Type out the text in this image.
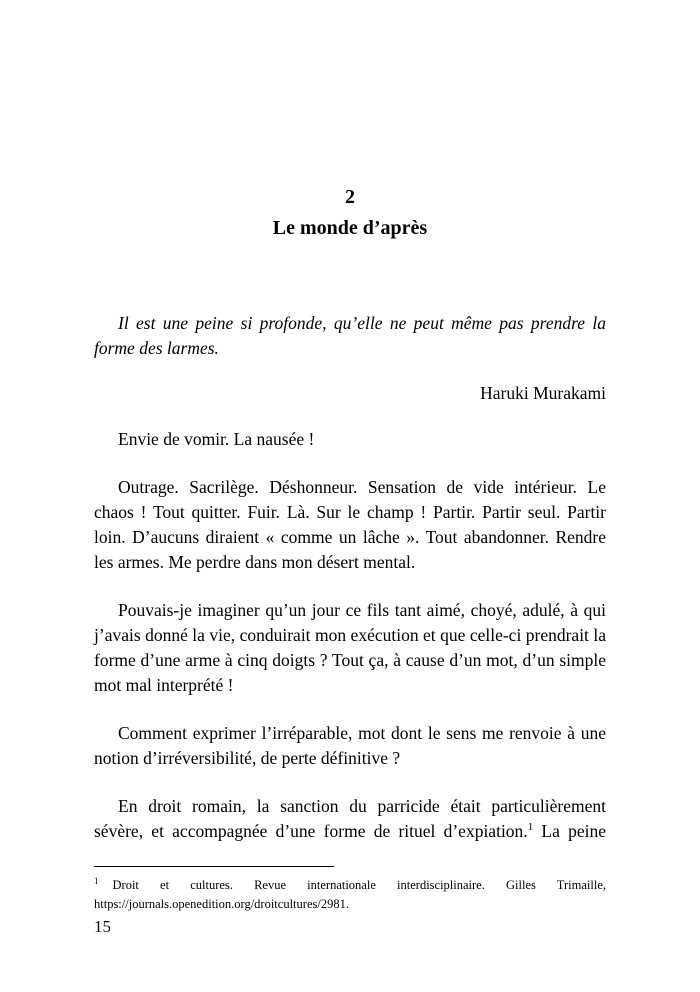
2
Le monde d’après

Il est une peine si profonde, qu’elle ne peut même pas prendre la forme des larmes.

Haruki Murakami

Envie de vomir. La nausée !

Outrage. Sacrilège. Déshonneur. Sensation de vide intérieur. Le chaos ! Tout quitter. Fuir. Là. Sur le champ ! Partir. Partir seul. Partir loin. D’aucuns diraient « comme un lâche ». Tout abandonner. Rendre les armes. Me perdre dans mon désert mental.

Pouvais-je imaginer qu’un jour ce fils tant aimé, choyé, adulé, à qui j’avais donné la vie, conduirait mon exécution et que celle-ci prendrait la forme d’une arme à cinq doigts ? Tout ça, à cause d’un mot, d’un simple mot mal interprété !

Comment exprimer l’irréparable, mot dont le sens me renvoie à une notion d’irréversibilité, de perte définitive ?

En droit romain, la sanction du parricide était particulièrement sévère, et accompagnée d’une forme de rituel d’expiation.$^1$ La peine

$^1$ Droit et cultures. Revue internationale interdisciplinaire. Gilles Trimaille, https://journals.openedition.org/droitcultures/2981.

15
